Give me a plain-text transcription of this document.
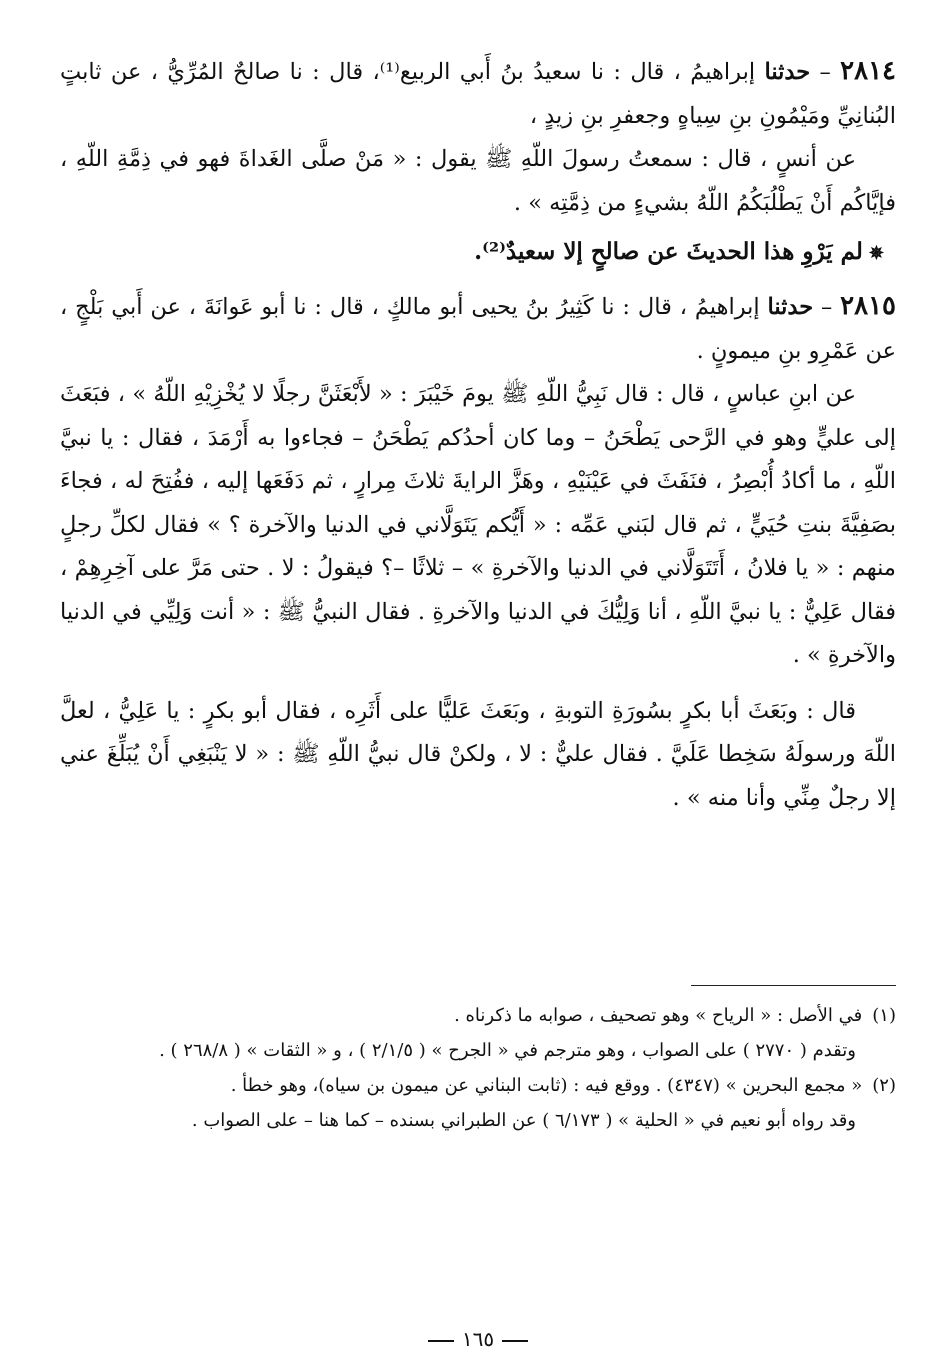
٢٨١٤ – حدثنا إبراهيمُ ، قال : نا سعيدُ بنُ أَبي الربيع⁽¹⁾، قال : نا صالحٌ المُرِّيُّ ، عن ثابتٍ البُنانِيِّ ومَيْمُونِ بنِ سِياهٍ وجعفرِ بنِ زيدٍ ،

عن أنسٍ ، قال : سمعتُ رسولَ اللّهِ ﷺ يقول : « مَنْ صلَّى الغَداةَ فهو في ذِمَّةِ اللّهِ ، فإيَّاكُم أَنْ يَطْلُبَكُمُ اللّهُ بشيءٍ من ذِمَّتِه » .

✵لم يَرْوِ هذا الحديثَ عن صالحٍ إلا سعيدٌ⁽²⁾.

٢٨١٥ – حدثنا إبراهيمُ ، قال : نا كَثِيرُ بنُ يحيى أبو مالكٍ ، قال : نا أبو عَوانَةَ ، عن أَبي بَلْجٍ ، عن عَمْرِو بنِ ميمونٍ .

عن ابنِ عباسٍ ، قال : قال نَبِيُّ اللّهِ ﷺ يومَ خَيْبَرَ : « لأَبْعَثَنَّ رجلًا لا يُخْزِيْهِ اللّهُ » ، فبَعَثَ إلى عليٍّ وهو في الرَّحى يَطْحَنُ – وما كان أحدُكم يَطْحَنُ – فجاءوا به أَرْمَدَ ، فقال : يا نبيَّ اللّهِ ، ما أكادُ أُبْصِرُ ، فنَفَثَ في عَيْنَيْهِ ، وهَزَّ الرايةَ ثلاثَ مِرارٍ ، ثم دَفَعَها إليه ، ففُتِحَ له ، فجاءَ بصَفِيَّةَ بنتِ حُيَيٍّ ، ثم قال لبَني عَمِّه : « أَيُّكم يَتَوَلَّاني في الدنيا والآخرة ؟ » فقال لكلِّ رجلٍ منهم : « يا فلانُ ، أَتَتَوَلَّاني في الدنيا والآخرةِ » – ثلاثًا –؟ فيقولُ : لا . حتى مَرَّ على آخِرِهِمْ ، فقال عَلِيٌّ : يا نبيَّ اللّهِ ، أنا وَلِيُّكَ في الدنيا والآخرةِ . فقال النبيُّ ﷺ : « أنت وَلِيِّي في الدنيا والآخرةِ » .

قال : وبَعَثَ أبا بكرٍ بسُورَةِ التوبةِ ، وبَعَثَ عَليًّا على أَثَرِه ، فقال أبو بكرٍ : يا عَلِيُّ ، لعلَّ اللّهَ ورسولَهُ سَخِطا عَلَيَّ . فقال عليٌّ : لا ، ولكنْ قال نبيُّ اللّهِ ﷺ : « لا يَنْبَغِي أَنْ يُبَلِّغَ عني إلا رجلٌ مِنِّي وأنا منه » .

(١)في الأصل : « الرياح » وهو تصحيف ، صوابه ما ذكرناه .

وتقدم ( ٢٧٧٠ ) على الصواب ، وهو مترجم في « الجرح » ( ٢/١/٥ ) ، و « الثقات » ( ٢٦٨/٨ ) .

(٢)« مجمع البحرين » (٤٣٤٧) . ووقع فيه : (ثابت البناني عن ميمون بن سياه)، وهو خطأ .

وقد رواه أبو نعيم في « الحلية » ( ٦/١٧٣ ) عن الطبراني بسنده – كما هنا – على الصواب .

١٦٥
